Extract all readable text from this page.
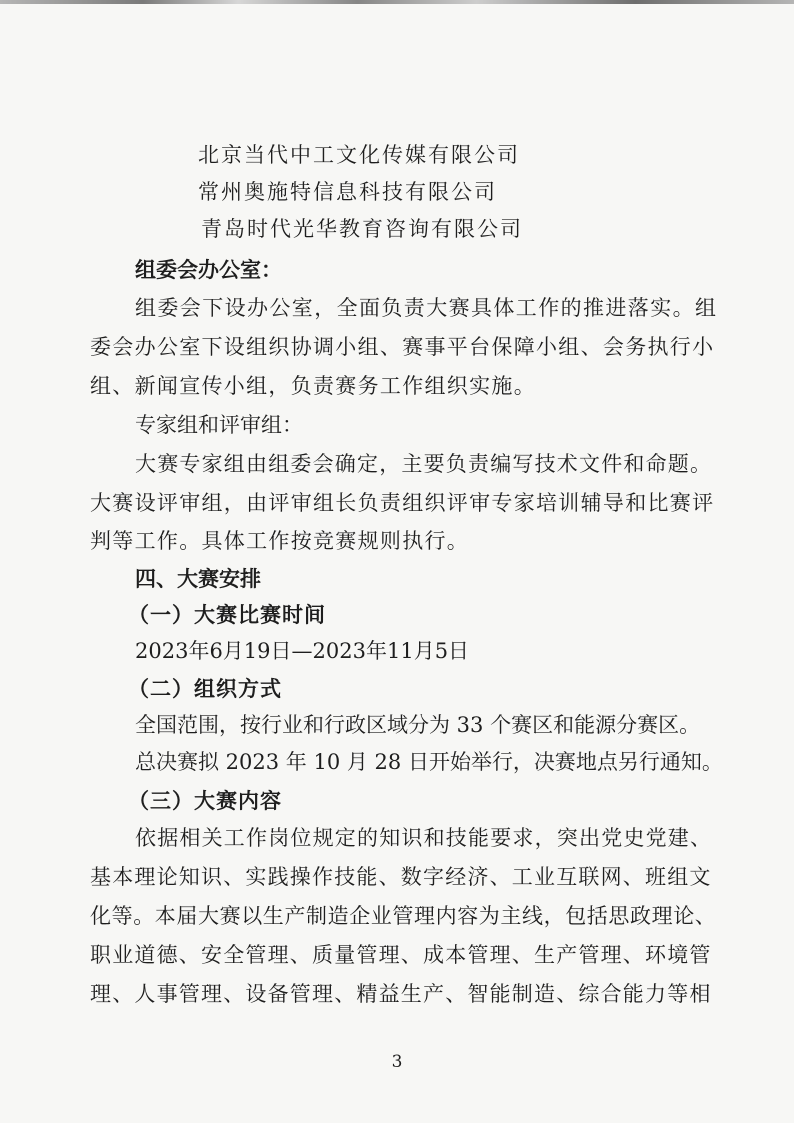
北京当代中工文化传媒有限公司
常州奥施特信息科技有限公司
青岛时代光华教育咨询有限公司
组委会办公室：
组委会下设办公室，全面负责大赛具体工作的推进落实。组
委会办公室下设组织协调小组、赛事平台保障小组、会务执行小
组、新闻宣传小组，负责赛务工作组织实施。
专家组和评审组：
大赛专家组由组委会确定，主要负责编写技术文件和命题。
大赛设评审组，由评审组长负责组织评审专家培训辅导和比赛评
判等工作。具体工作按竞赛规则执行。
四、大赛安排
（一）大赛比赛时间
2023年6月19日—2023年11月5日
（二）组织方式
全国范围，按行业和行政区域分为 33 个赛区和能源分赛区。
总决赛拟 2023 年 10 月 28 日开始举行，决赛地点另行通知。
（三）大赛内容
依据相关工作岗位规定的知识和技能要求，突出党史党建、
基本理论知识、实践操作技能、数字经济、工业互联网、班组文
化等。本届大赛以生产制造企业管理内容为主线，包括思政理论、
职业道德、安全管理、质量管理、成本管理、生产管理、环境管
理、人事管理、设备管理、精益生产、智能制造、综合能力等相
3
